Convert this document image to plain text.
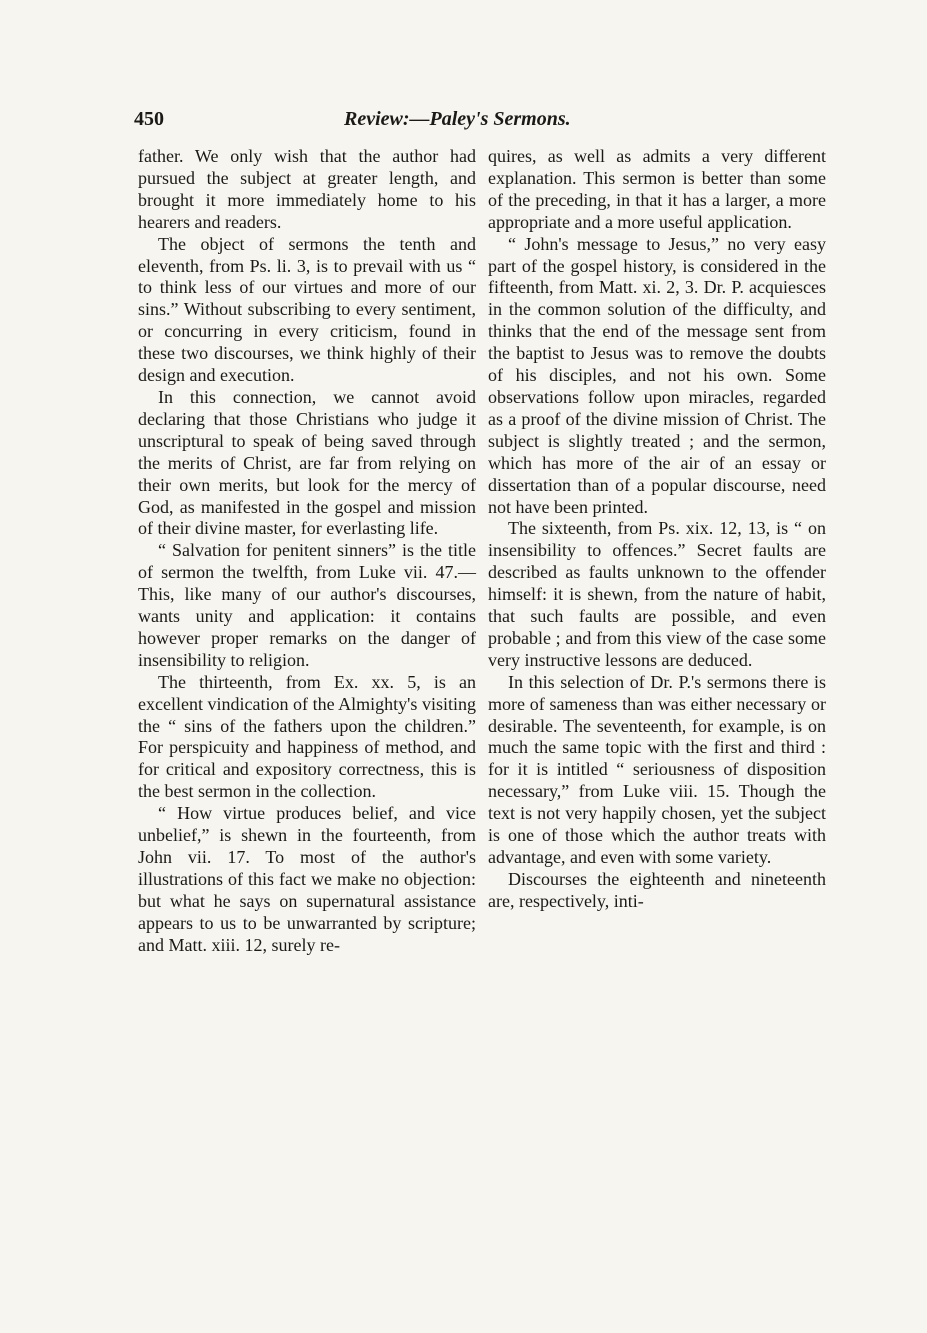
450	Review:—Paley's Sermons.

father. We only wish that the author had pursued the subject at greater length, and brought it more immediately home to his hearers and readers.

The object of sermons the tenth and eleventh, from Ps. li. 3, is to prevail with us “ to think less of our virtues and more of our sins.” Without subscribing to every sentiment, or concurring in every criticism, found in these two discourses, we think highly of their design and execution.

In this connection, we cannot avoid declaring that those Christians who judge it unscriptural to speak of being saved through the merits of Christ, are far from relying on their own merits, but look for the mercy of God, as manifested in the gospel and mission of their divine master, for everlasting life.

“ Salvation for penitent sinners” is the title of sermon the twelfth, from Luke vii. 47.—This, like many of our author's discourses, wants unity and application: it contains however proper remarks on the danger of insensibility to religion.

The thirteenth, from Ex. xx. 5, is an excellent vindication of the Almighty's visiting the “ sins of the fathers upon the children.” For perspicuity and happiness of method, and for critical and expository correctness, this is the best sermon in the collection.

“ How virtue produces belief, and vice unbelief,” is shewn in the fourteenth, from John vii. 17. To most of the author's illustrations of this fact we make no objection: but what he says on supernatural assistance appears to us to be unwarranted by scripture; and Matt. xiii. 12, surely re-

quires, as well as admits a very different explanation. This sermon is better than some of the preceding, in that it has a larger, a more appropriate and a more useful application.

“ John's message to Jesus,” no very easy part of the gospel history, is considered in the fifteenth, from Matt. xi. 2, 3. Dr. P. acquiesces in the common solution of the difficulty, and thinks that the end of the message sent from the baptist to Jesus was to remove the doubts of his disciples, and not his own. Some observations follow upon miracles, regarded as a proof of the divine mission of Christ. The subject is slightly treated ; and the sermon, which has more of the air of an essay or dissertation than of a popular discourse, need not have been printed.

The sixteenth, from Ps. xix. 12, 13, is “ on insensibility to offences.” Secret faults are described as faults unknown to the offender himself: it is shewn, from the nature of habit, that such faults are possible, and even probable ; and from this view of the case some very instructive lessons are deduced.

In this selection of Dr. P.'s sermons there is more of sameness than was either necessary or desirable. The seventeenth, for example, is on much the same topic with the first and third : for it is intitled “ seriousness of disposition necessary,” from Luke viii. 15. Though the text is not very happily chosen, yet the subject is one of those which the author treats with advantage, and even with some variety.

Discourses the eighteenth and nineteenth are, respectively, inti-
